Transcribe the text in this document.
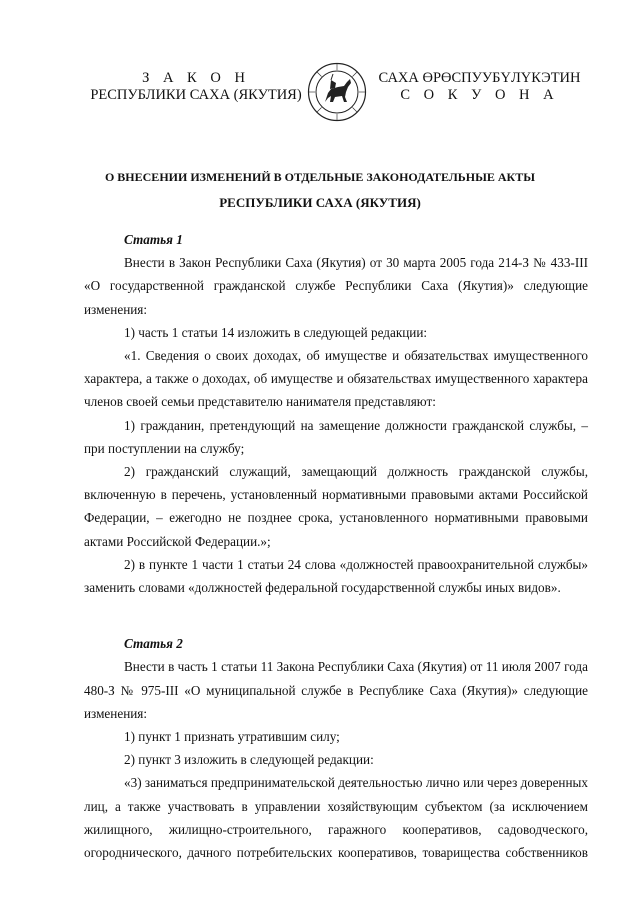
З А К О Н
РЕСПУБЛИКИ САХА (ЯКУТИЯ)
САХА ӨРӨСПУУБҮЛҮКЭТИН
С О К У О Н А
О ВНЕСЕНИИ ИЗМЕНЕНИЙ В ОТДЕЛЬНЫЕ ЗАКОНОДАТЕЛЬНЫЕ АКТЫ
РЕСПУБЛИКИ САХА (ЯКУТИЯ)

Статья 1

Внести в Закон Республики Саха (Якутия) от 30 марта 2005 года 214-З № 433-III «О государственной гражданской службе Республики Саха (Якутия)» следующие изменения:

1) часть 1 статьи 14 изложить в следующей редакции:

«1. Сведения о своих доходах, об имуществе и обязательствах имущественного характера, а также о доходах, об имуществе и обязательствах имущественного характера членов своей семьи представителю нанимателя представляют:

1) гражданин, претендующий на замещение должности гражданской службы, – при поступлении на службу;

2) гражданский служащий, замещающий должность гражданской службы, включенную в перечень, установленный нормативными правовыми актами Российской Федерации, – ежегодно не позднее срока, установленного нормативными правовыми актами Российской Федерации.»;

2) в пункте 1 части 1 статьи 24 слова «должностей правоохранительной службы» заменить словами «должностей федеральной государственной службы иных видов».

Статья 2

Внести в часть 1 статьи 11 Закона Республики Саха (Якутия) от 11 июля 2007 года 480-З № 975-III «О муниципальной службе в Республике Саха (Якутия)» следующие изменения:

1) пункт 1 признать утратившим силу;

2) пункт 3 изложить в следующей редакции:

«3) заниматься предпринимательской деятельностью лично или через доверенных лиц, а также участвовать в управлении хозяйствующим субъектом (за исключением жилищного, жилищно-строительного, гаражного кооперативов, садоводческого, огороднического, дачного потребительских кооперативов, товарищества собственников
